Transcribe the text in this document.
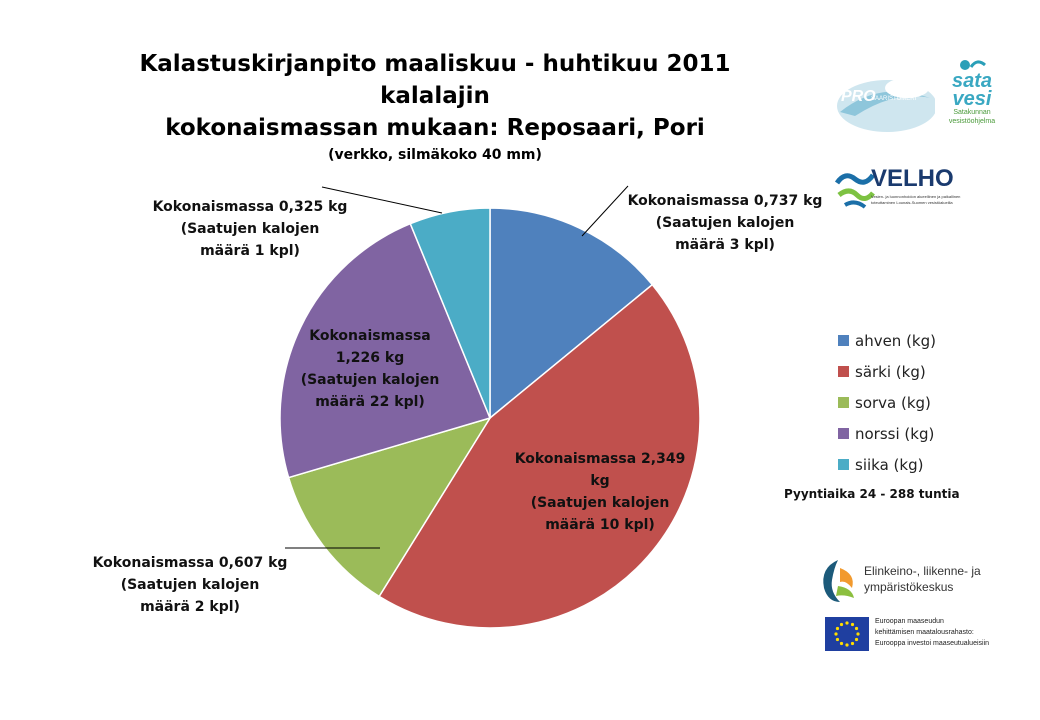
Kalastuskirjanpito maaliskuu - huhtikuu 2011 kalalajin
kokonaismassan mukaan: Reposaari, Pori
(verkko, silmäkoko 40 mm)
Kokonaismassa 0,737 kg
(Saatujen kalojen
määrä 3 kpl)
Kokonaismassa 2,349
kg
(Saatujen kalojen
määrä 10 kpl)
Kokonaismassa 0,607 kg
(Saatujen kalojen
määrä 2 kpl)
Kokonaismassa
1,226 kg
(Saatujen kalojen
määrä 22 kpl)
Kokonaismassa 0,325 kg
(Saatujen kalojen
määrä 1 kpl)
ahven (kg)
särki (kg)
sorva (kg)
norssi (kg)
siika (kg)
Pyyntiaika 24 - 288 tuntia
PRO
SAARISTOMERI
sata
vesi
Satakunnan
vesistöohjelma
VELHO
Vesien- ja luonnonhoidon alueellinen ja paikallinen
toteuttaminen Lounais-Suomen vesistöalueilla
Elinkeino-, liikenne- ja
ympäristökeskus
Euroopan maaseudun
kehittämisen maatalousrahasto:
Eurooppa investoi maaseutualueisiin
